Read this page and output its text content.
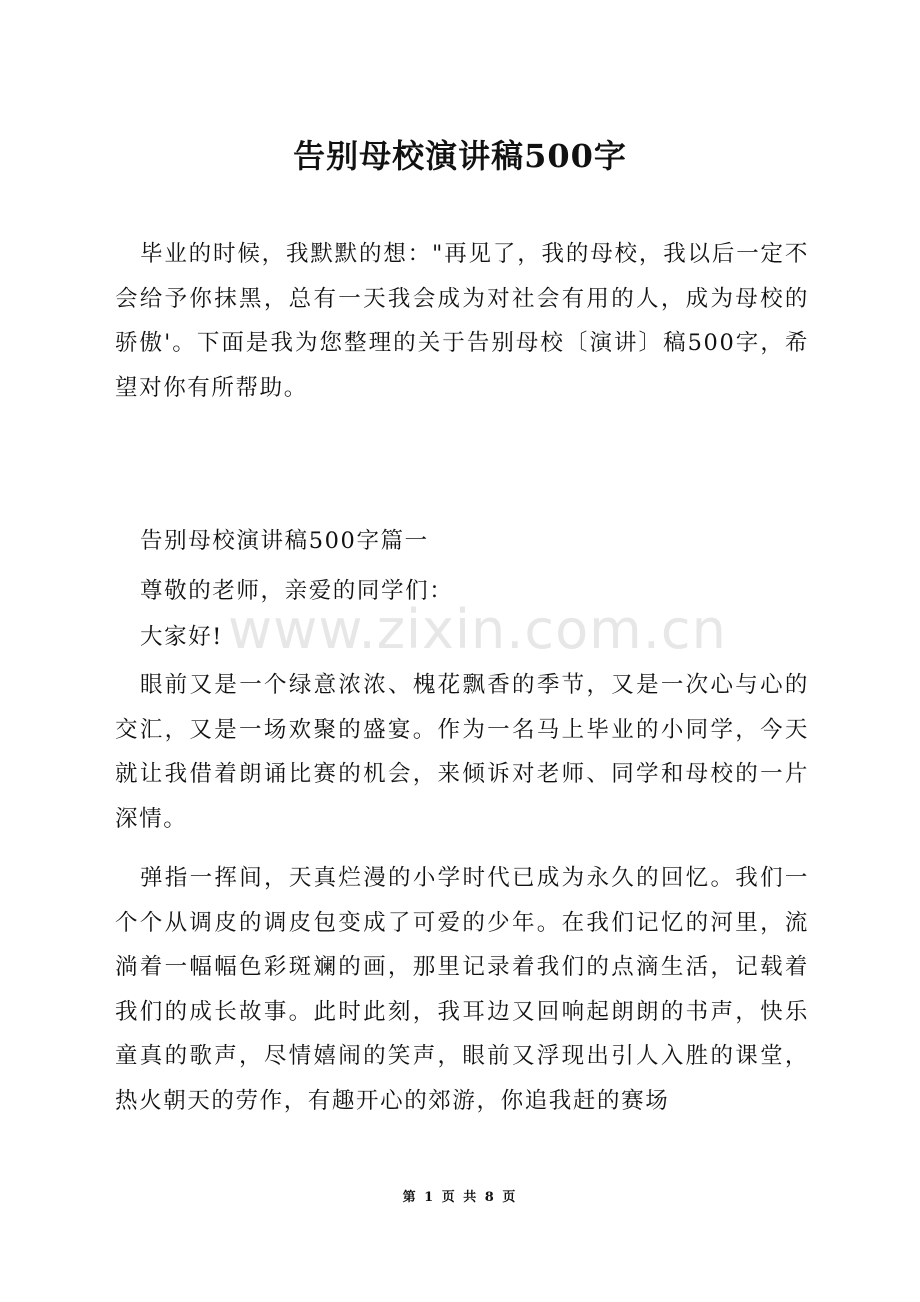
告别母校演讲稿500字
毕业的时候，我默默的想："再见了，我的母校，我以后一定不会给予你抹黑，总有一天我会成为对社会有用的人，成为母校的骄傲'。下面是我为您整理的关于告别母校〔演讲〕稿500字，希望对你有所帮助。
告别母校演讲稿500字篇一
尊敬的老师，亲爱的同学们：
大家好! www.zixin.com.cn
眼前又是一个绿意浓浓、槐花飘香的季节，又是一次心与心的交汇，又是一场欢聚的盛宴。作为一名马上毕业的小同学，今天就让我借着朗诵比赛的机会，来倾诉对老师、同学和母校的一片深情。
弹指一挥间，天真烂漫的小学时代已成为永久的回忆。我们一个个从调皮的调皮包变成了可爱的少年。在我们记忆的河里，流淌着一幅幅色彩斑斓的画，那里记录着我们的点滴生活，记载着我们的成长故事。此时此刻，我耳边又回响起朗朗的书声，快乐童真的歌声，尽情嬉闹的笑声，眼前又浮现出引人入胜的课堂，热火朝天的劳作，有趣开心的郊游，你追我赶的赛场
第 1 页 共 8 页
